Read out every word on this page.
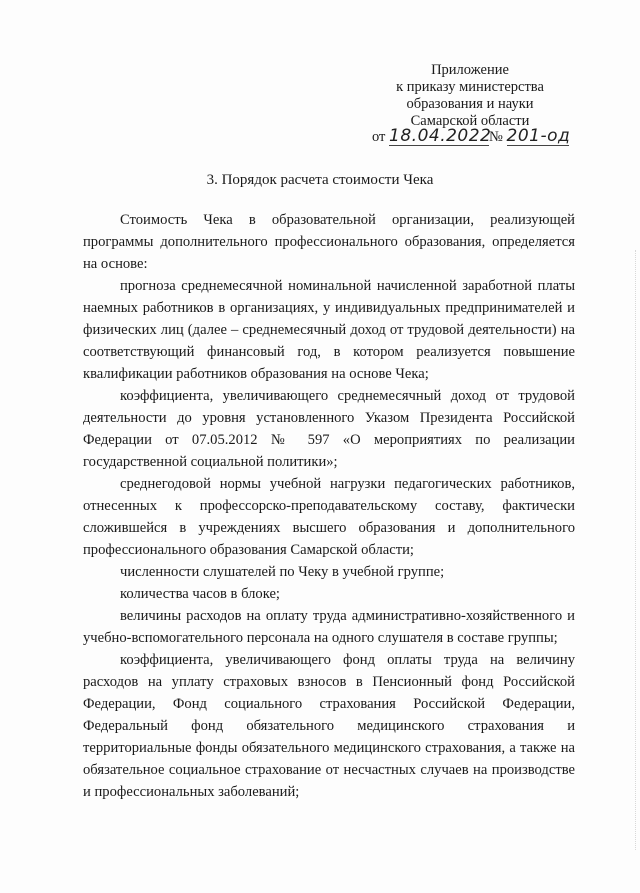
Приложение
к приказу министерства
образования и науки
Самарской области
от 18.04.2022№ 201-од
3. Порядок расчета стоимости Чека

Стоимость Чека в образовательной организации, реализующей программы дополнительного профессионального образования, определяется на основе:

прогноза среднемесячной номинальной начисленной заработной платы наемных работников в организациях, у индивидуальных предпринимателей и физических лиц (далее – среднемесячный доход от трудовой деятельности) на соответствующий финансовый год, в котором реализуется повышение квалификации работников образования на основе Чека;

коэффициента, увеличивающего среднемесячный доход от трудовой деятельности до уровня установленного Указом Президента Российской Федерации от 07.05.2012 № 597 «О мероприятиях по реализации государственной социальной политики»;

среднегодовой нормы учебной нагрузки педагогических работников, отнесенных к профессорско-преподавательскому составу, фактически сложившейся в учреждениях высшего образования и дополнительного профессионального образования Самарской области;

численности слушателей по Чеку в учебной группе;

количества часов в блоке;

величины расходов на оплату труда административно-хозяйственного и учебно-вспомогательного персонала на одного слушателя в составе группы;

коэффициента, увеличивающего фонд оплаты труда на величину расходов на уплату страховых взносов в Пенсионный фонд Российской Федерации, Фонд социального страхования Российской Федерации, Федеральный фонд обязательного медицинского страхования и территориальные фонды обязательного медицинского страхования, а также на обязательное социальное страхование от несчастных случаев на производстве и профессиональных заболеваний;
